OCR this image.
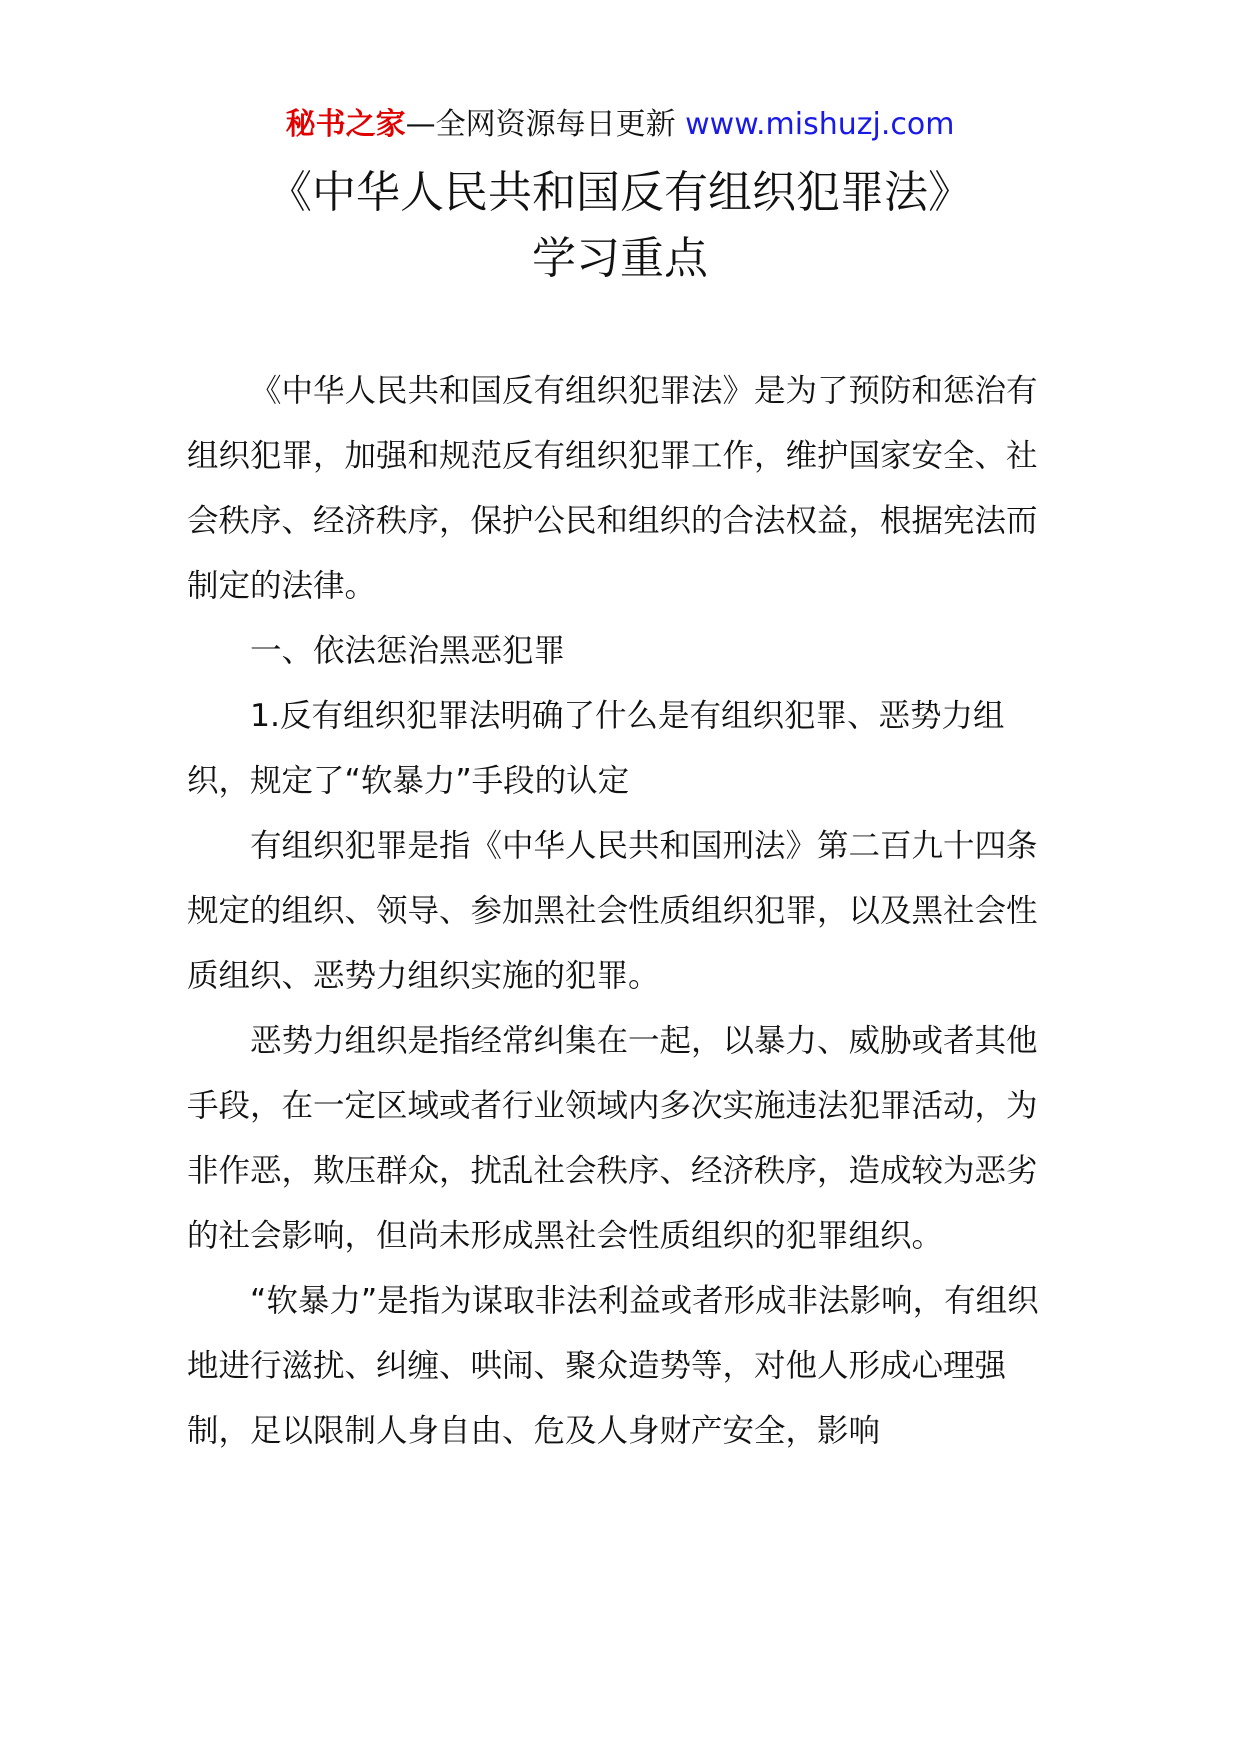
秘书之家—全网资源每日更新 www.mishuzj.com
《中华人民共和国反有组织犯罪法》
学习重点

《中华人民共和国反有组织犯罪法》是为了预防和惩治有组织犯罪，加强和规范反有组织犯罪工作，维护国家安全、社会秩序、经济秩序，保护公民和组织的合法权益，根据宪法而制定的法律。

一、依法惩治黑恶犯罪

1.反有组织犯罪法明确了什么是有组织犯罪、恶势力组织，规定了“软暴力”手段的认定

有组织犯罪是指《中华人民共和国刑法》第二百九十四条规定的组织、领导、参加黑社会性质组织犯罪，以及黑社会性质组织、恶势力组织实施的犯罪。

恶势力组织是指经常纠集在一起，以暴力、威胁或者其他手段，在一定区域或者行业领域内多次实施违法犯罪活动，为非作恶，欺压群众，扰乱社会秩序、经济秩序，造成较为恶劣的社会影响，但尚未形成黑社会性质组织的犯罪组织。

“软暴力”是指为谋取非法利益或者形成非法影响，有组织地进行滋扰、纠缠、哄闹、聚众造势等，对他人形成心理强制，足以限制人身自由、危及人身财产安全，影响
